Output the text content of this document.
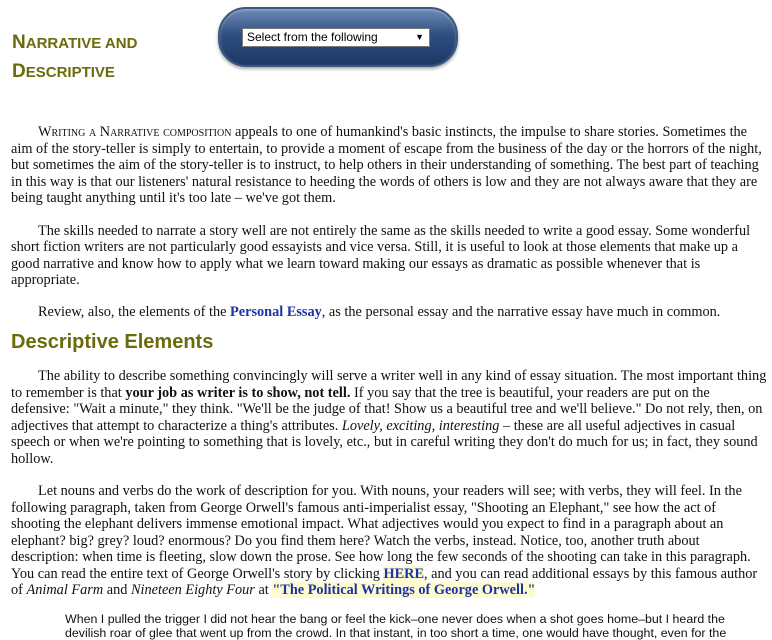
NARRATIVE AND
DESCRIPTIVE
Select from the following	▼

Writing a Narrative composition appeals to one of humankind's basic instincts, the impulse to share stories. Sometimes the aim of the story-teller is simply to entertain, to provide a moment of escape from the business of the day or the horrors of the night, but sometimes the aim of the story-teller is to instruct, to help others in their understanding of something. The best part of teaching in this way is that our listeners' natural resistance to heeding the words of others is low and they are not always aware that they are being taught anything until it's too late – we've got them.

The skills needed to narrate a story well are not entirely the same as the skills needed to write a good essay. Some wonderful short fiction writers are not particularly good essayists and vice versa. Still, it is useful to look at those elements that make up a good narrative and know how to apply what we learn toward making our essays as dramatic as possible whenever that is appropriate.

Review, also, the elements of the Personal Essay, as the personal essay and the narrative essay have much in common.

Descriptive Elements

The ability to describe something convincingly will serve a writer well in any kind of essay situation. The most important thing to remember is that your job as writer is to show, not tell. If you say that the tree is beautiful, your readers are put on the defensive: "Wait a minute," they think. "We'll be the judge of that! Show us a beautiful tree and we'll believe." Do not rely, then, on adjectives that attempt to characterize a thing's attributes. Lovely, exciting, interesting – these are all useful adjectives in casual speech or when we're pointing to something that is lovely, etc., but in careful writing they don't do much for us; in fact, they sound hollow.

Let nouns and verbs do the work of description for you. With nouns, your readers will see; with verbs, they will feel. In the following paragraph, taken from George Orwell's famous anti-imperialist essay, "Shooting an Elephant," see how the act of shooting the elephant delivers immense emotional impact. What adjectives would you expect to find in a paragraph about an elephant? big? grey? loud? enormous? Do you find them here? Watch the verbs, instead. Notice, too, another truth about description: when time is fleeting, slow down the prose. See how long the few seconds of the shooting can take in this paragraph. You can read the entire text of George Orwell's story by clicking HERE, and you can read additional essays by this famous author of Animal Farm and Nineteen Eighty Four at "The Political Writings of George Orwell."

When I pulled the trigger I did not hear the bang or feel the kick–one never does when a shot goes home–but I heard the devilish roar of glee that went up from the crowd. In that instant, in too short a time, one would have thought, even for the
